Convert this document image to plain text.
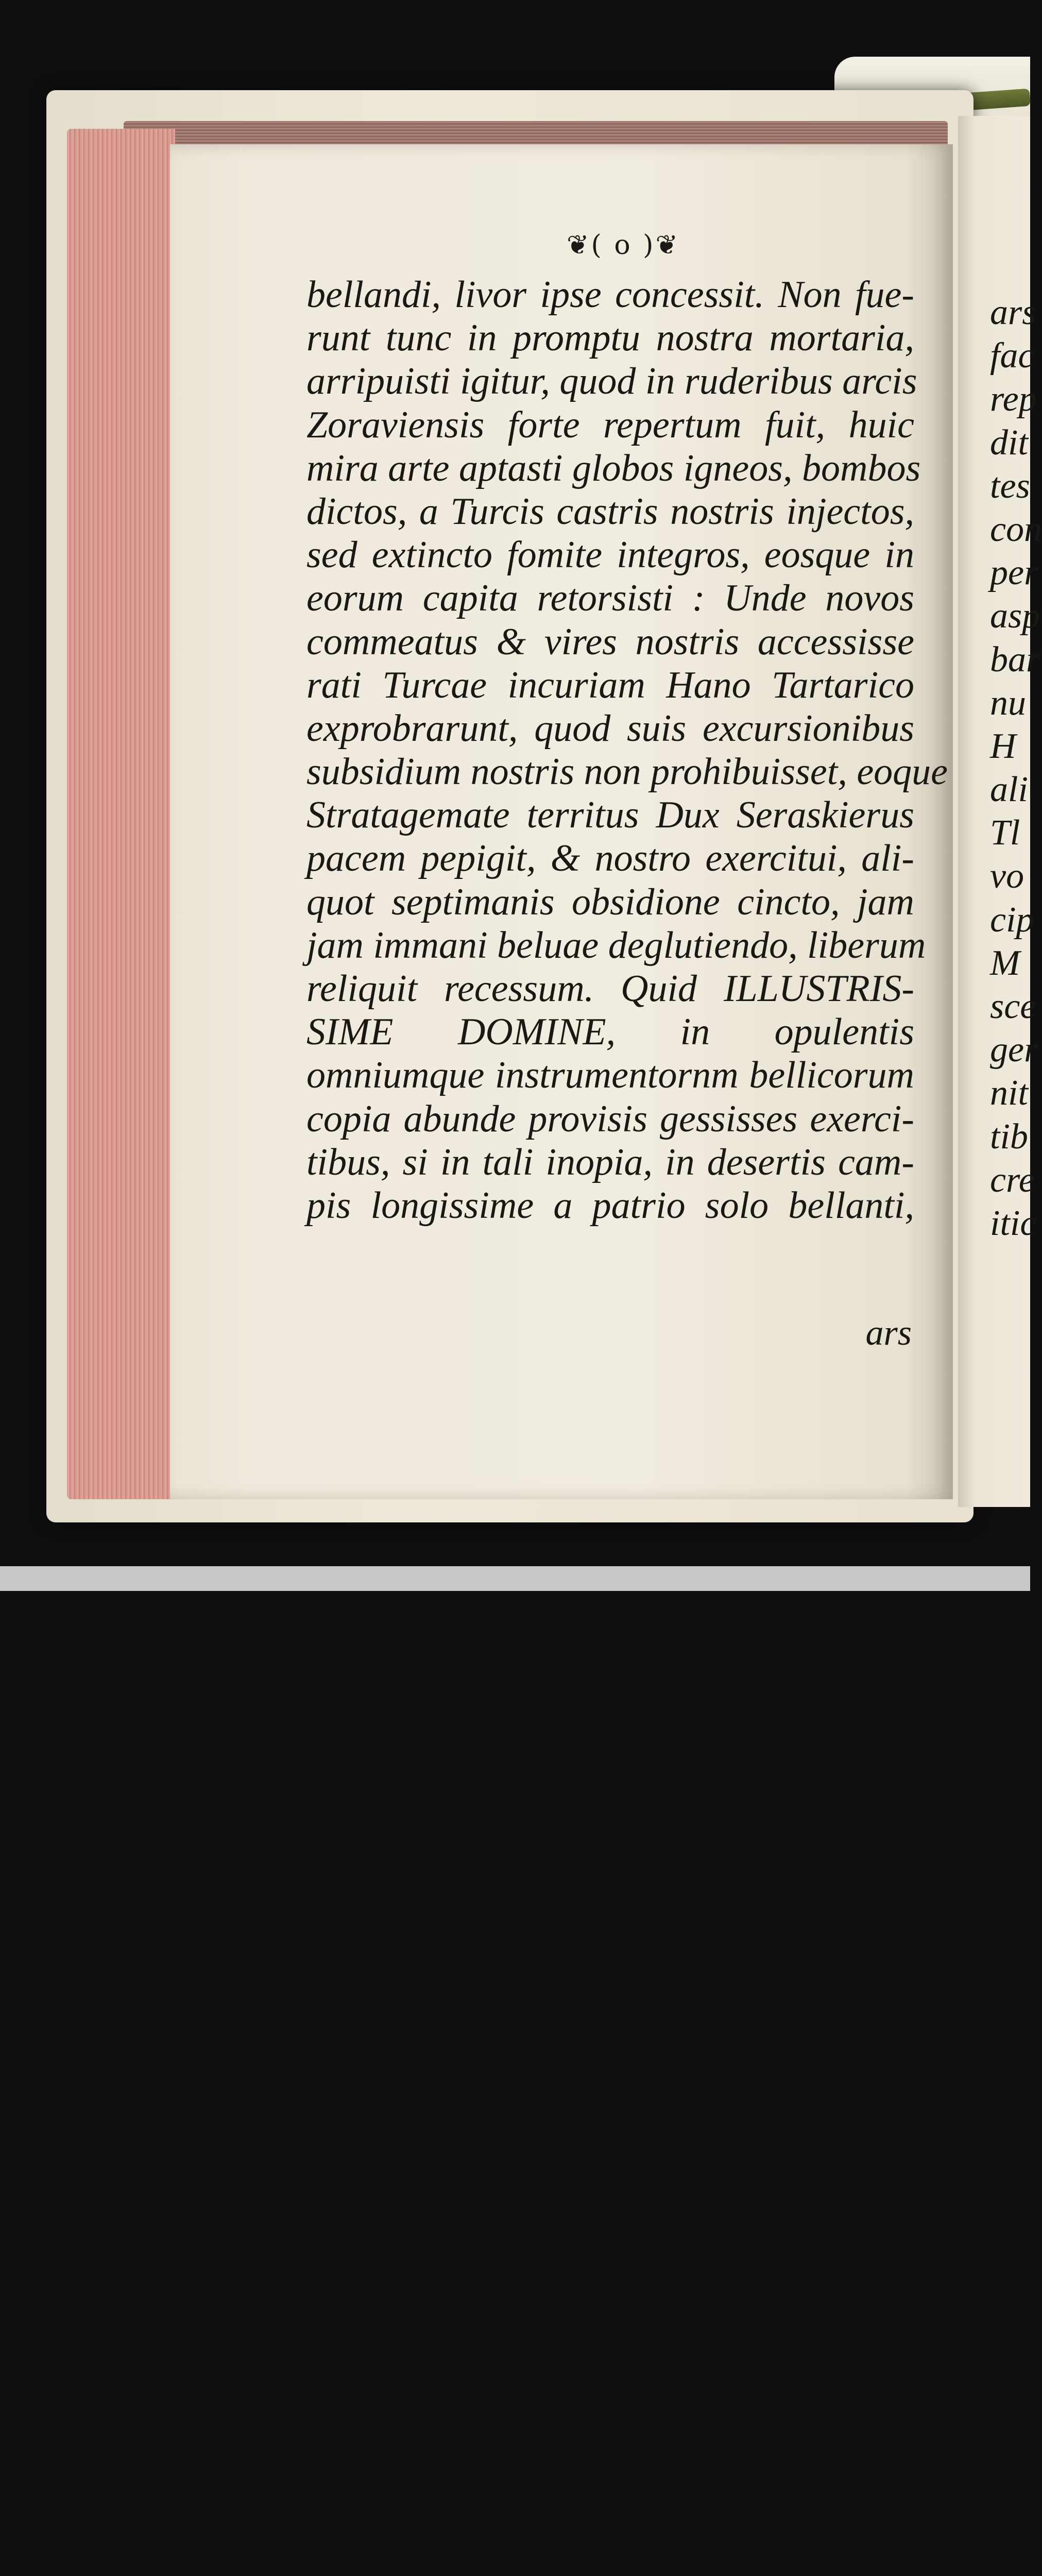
❦( o )❦
bellandi, livor ipse concessit. Non fue-
runt tunc in promptu nostra mortaria,
arripuisti igitur, quod in ruderibus arcis
Zoraviensis forte repertum fuit, huic
mira arte aptasti globos igneos, bombos
dictos, a Turcis castris nostris injectos,
sed extincto fomite integros, eosque in
eorum capita retorsisti : Unde novos
commeatus & vires nostris accessisse
rati Turcae incuriam Hano Tartarico
exprobrarunt, quod suis excursionibus
subsidium nostris non prohibuisset, eoque
Stratagemate territus Dux Seraskierus
pacem pepigit, & nostro exercitui, ali-
quot septimanis obsidione cincto, jam
jam immani beluae deglutiendo, liberum
reliquit recessum. Quid ILLUSTRIS-
SIME DOMINE, in opulentis
omniumque instrumentornm bellicorum
copia abunde provisis gessisses exerci-
tibus, si in tali inopia, in desertis cam-
pis longissime a patrio solo bellanti,
ars
ars
fac
rep
dit
tes
con
per
asp
bar
nu
H
ali
Tl
vo
cip
M
sce
ger
nit
tib
cre
itic
